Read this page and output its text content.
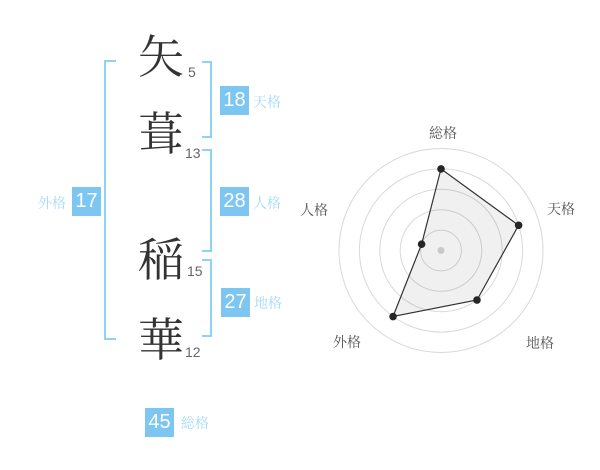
矢
葺
稲
華
5
13
15
12
18
28
27
17
45
天格
人格
地格
外格
総格
総格
天格
地格
外格
人格
